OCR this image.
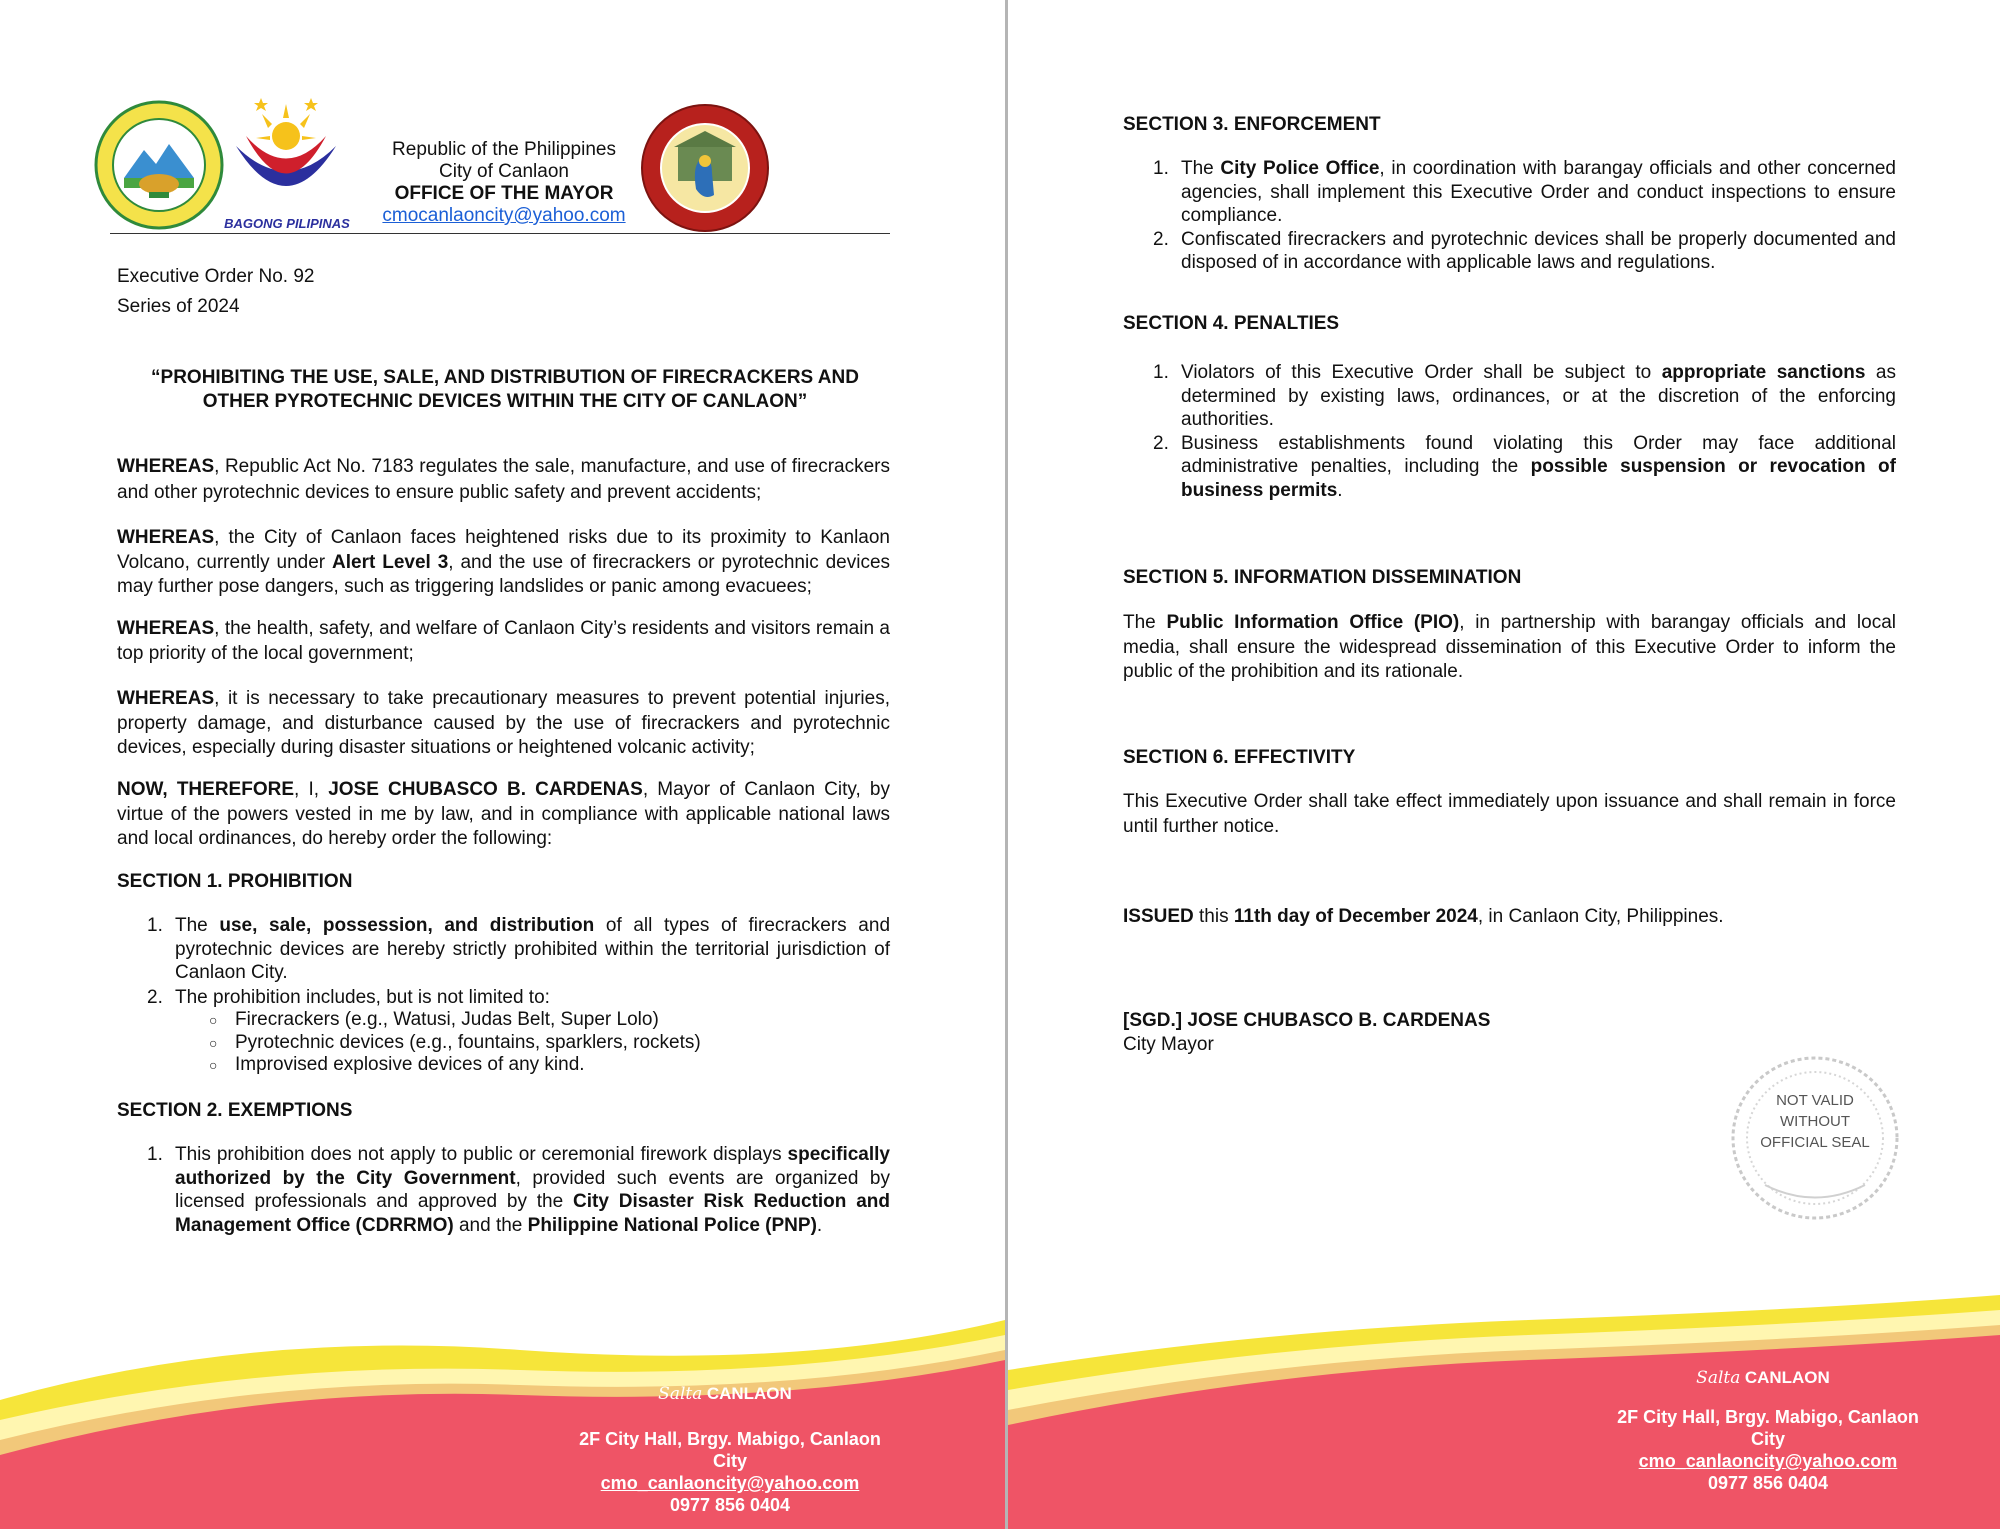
BAGONG PILIPINAS
Republic of the Philippines
City of Canlaon
OFFICE OF THE MAYOR
cmocanlaoncity@yahoo.com
Executive Order No. 92
Series of 2024
“PROHIBITING THE USE, SALE, AND DISTRIBUTION OF FIRECRACKERS AND
OTHER PYROTECHNIC DEVICES WITHIN THE CITY OF CANLAON”

WHEREAS, Republic Act No. 7183 regulates the sale, manufacture, and use of firecrackers and other pyrotechnic devices to ensure public safety and prevent accidents;

WHEREAS, the City of Canlaon faces heightened risks due to its proximity to Kanlaon Volcano, currently under Alert Level 3, and the use of firecrackers or pyrotechnic devices may further pose dangers, such as triggering landslides or panic among evacuees;

WHEREAS, the health, safety, and welfare of Canlaon City’s residents and visitors remain a top priority of the local government;

WHEREAS, it is necessary to take precautionary measures to prevent potential injuries, property damage, and disturbance caused by the use of firecrackers and pyrotechnic devices, especially during disaster situations or heightened volcanic activity;

NOW, THEREFORE, I, JOSE CHUBASCO B. CARDENAS, Mayor of Canlaon City, by virtue of the powers vested in me by law, and in compliance with applicable national laws and local ordinances, do hereby order the following:

SECTION 1. PROHIBITION
1. The use, sale, possession, and distribution of all types of firecrackers and pyrotechnic devices are hereby strictly prohibited within the territorial jurisdiction of Canlaon City.
2. The prohibition includes, but is not limited to:
○ Firecrackers (e.g., Watusi, Judas Belt, Super Lolo)
○ Pyrotechnic devices (e.g., fountains, sparklers, rockets)
○ Improvised explosive devices of any kind.
SECTION 2. EXEMPTIONS
1. This prohibition does not apply to public or ceremonial firework displays specifically authorized by the City Government, provided such events are organized by licensed professionals and approved by the City Disaster Risk Reduction and Management Office (CDRRMO) and the Philippine National Police (PNP).
Salta CANLAON
2F City Hall, Brgy. Mabigo, Canlaon
City
cmo_canlaoncity@yahoo.com
0977 856 0404
SECTION 3. ENFORCEMENT
1. The City Police Office, in coordination with barangay officials and other concerned agencies, shall implement this Executive Order and conduct inspections to ensure compliance.
2. Confiscated firecrackers and pyrotechnic devices shall be properly documented and disposed of in accordance with applicable laws and regulations.
SECTION 4. PENALTIES
1. Violators of this Executive Order shall be subject to appropriate sanctions as determined by existing laws, ordinances, or at the discretion of the enforcing authorities.
2. Business establishments found violating this Order may face additional administrative penalties, including the possible suspension or revocation of business permits.
SECTION 5. INFORMATION DISSEMINATION

The Public Information Office (PIO), in partnership with barangay officials and local media, shall ensure the widespread dissemination of this Executive Order to inform the public of the prohibition and its rationale.

SECTION 6. EFFECTIVITY

This Executive Order shall take effect immediately upon issuance and shall remain in force until further notice.

ISSUED this 11th day of December 2024, in Canlaon City, Philippines.

[SGD.] JOSE CHUBASCO B. CARDENAS
City Mayor
NOT VALID
WITHOUT
OFFICIAL SEAL
Salta CANLAON
2F City Hall, Brgy. Mabigo, Canlaon
City
cmo_canlaoncity@yahoo.com
0977 856 0404
